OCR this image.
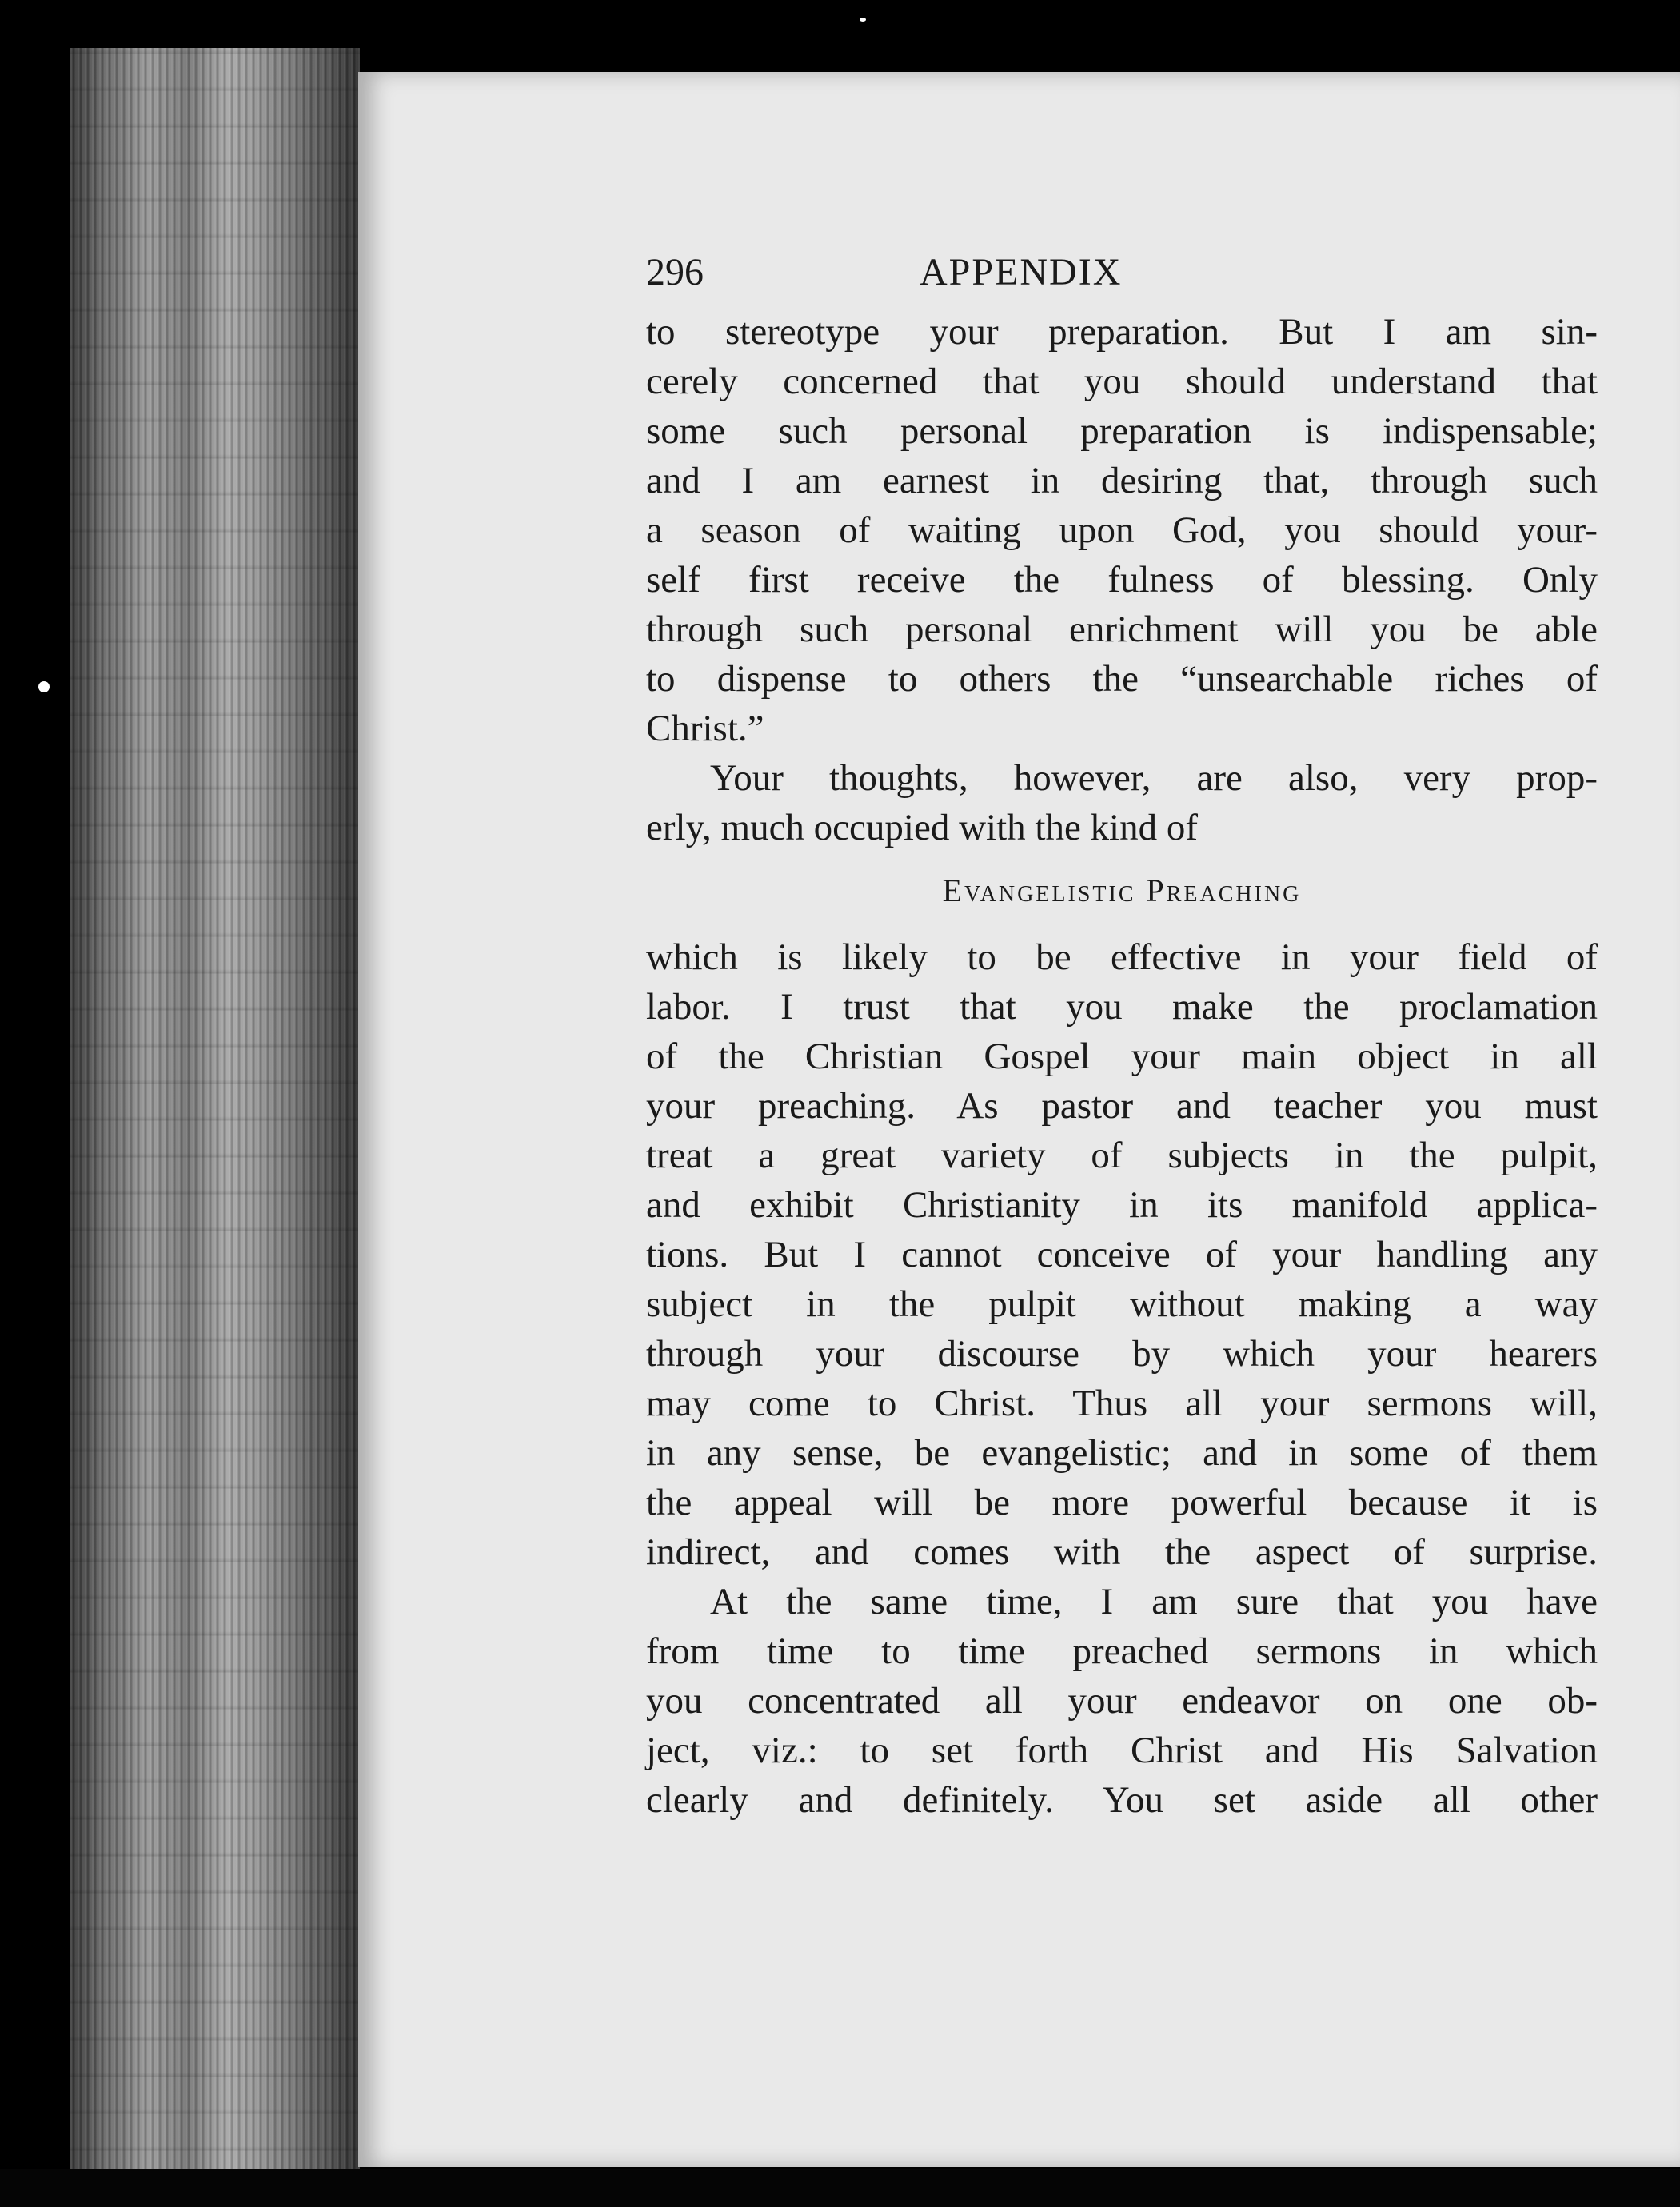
296	APPENDIX

to stereotype your preparation. But I am sin-
cerely concerned that you should understand that
some such personal preparation is indispensable;
and I am earnest in desiring that, through such
a season of waiting upon God, you should your-
self first receive the fulness of blessing. Only
through such personal enrichment will you be able
to dispense to others the “unsearchable riches of
Christ.”

Your thoughts, however, are also, very prop-
erly, much occupied with the kind of

Evangelistic Preaching

which is likely to be effective in your field of
labor. I trust that you make the proclamation
of the Christian Gospel your main object in all
your preaching. As pastor and teacher you must
treat a great variety of subjects in the pulpit,
and exhibit Christianity in its manifold applica-
tions. But I cannot conceive of your handling any
subject in the pulpit without making a way
through your discourse by which your hearers
may come to Christ. Thus all your sermons will,
in any sense, be evangelistic; and in some of them
the appeal will be more powerful because it is
indirect, and comes with the aspect of surprise.

At the same time, I am sure that you have
from time to time preached sermons in which
you concentrated all your endeavor on one ob-
ject, viz.: to set forth Christ and His Salvation
clearly and definitely. You set aside all other
